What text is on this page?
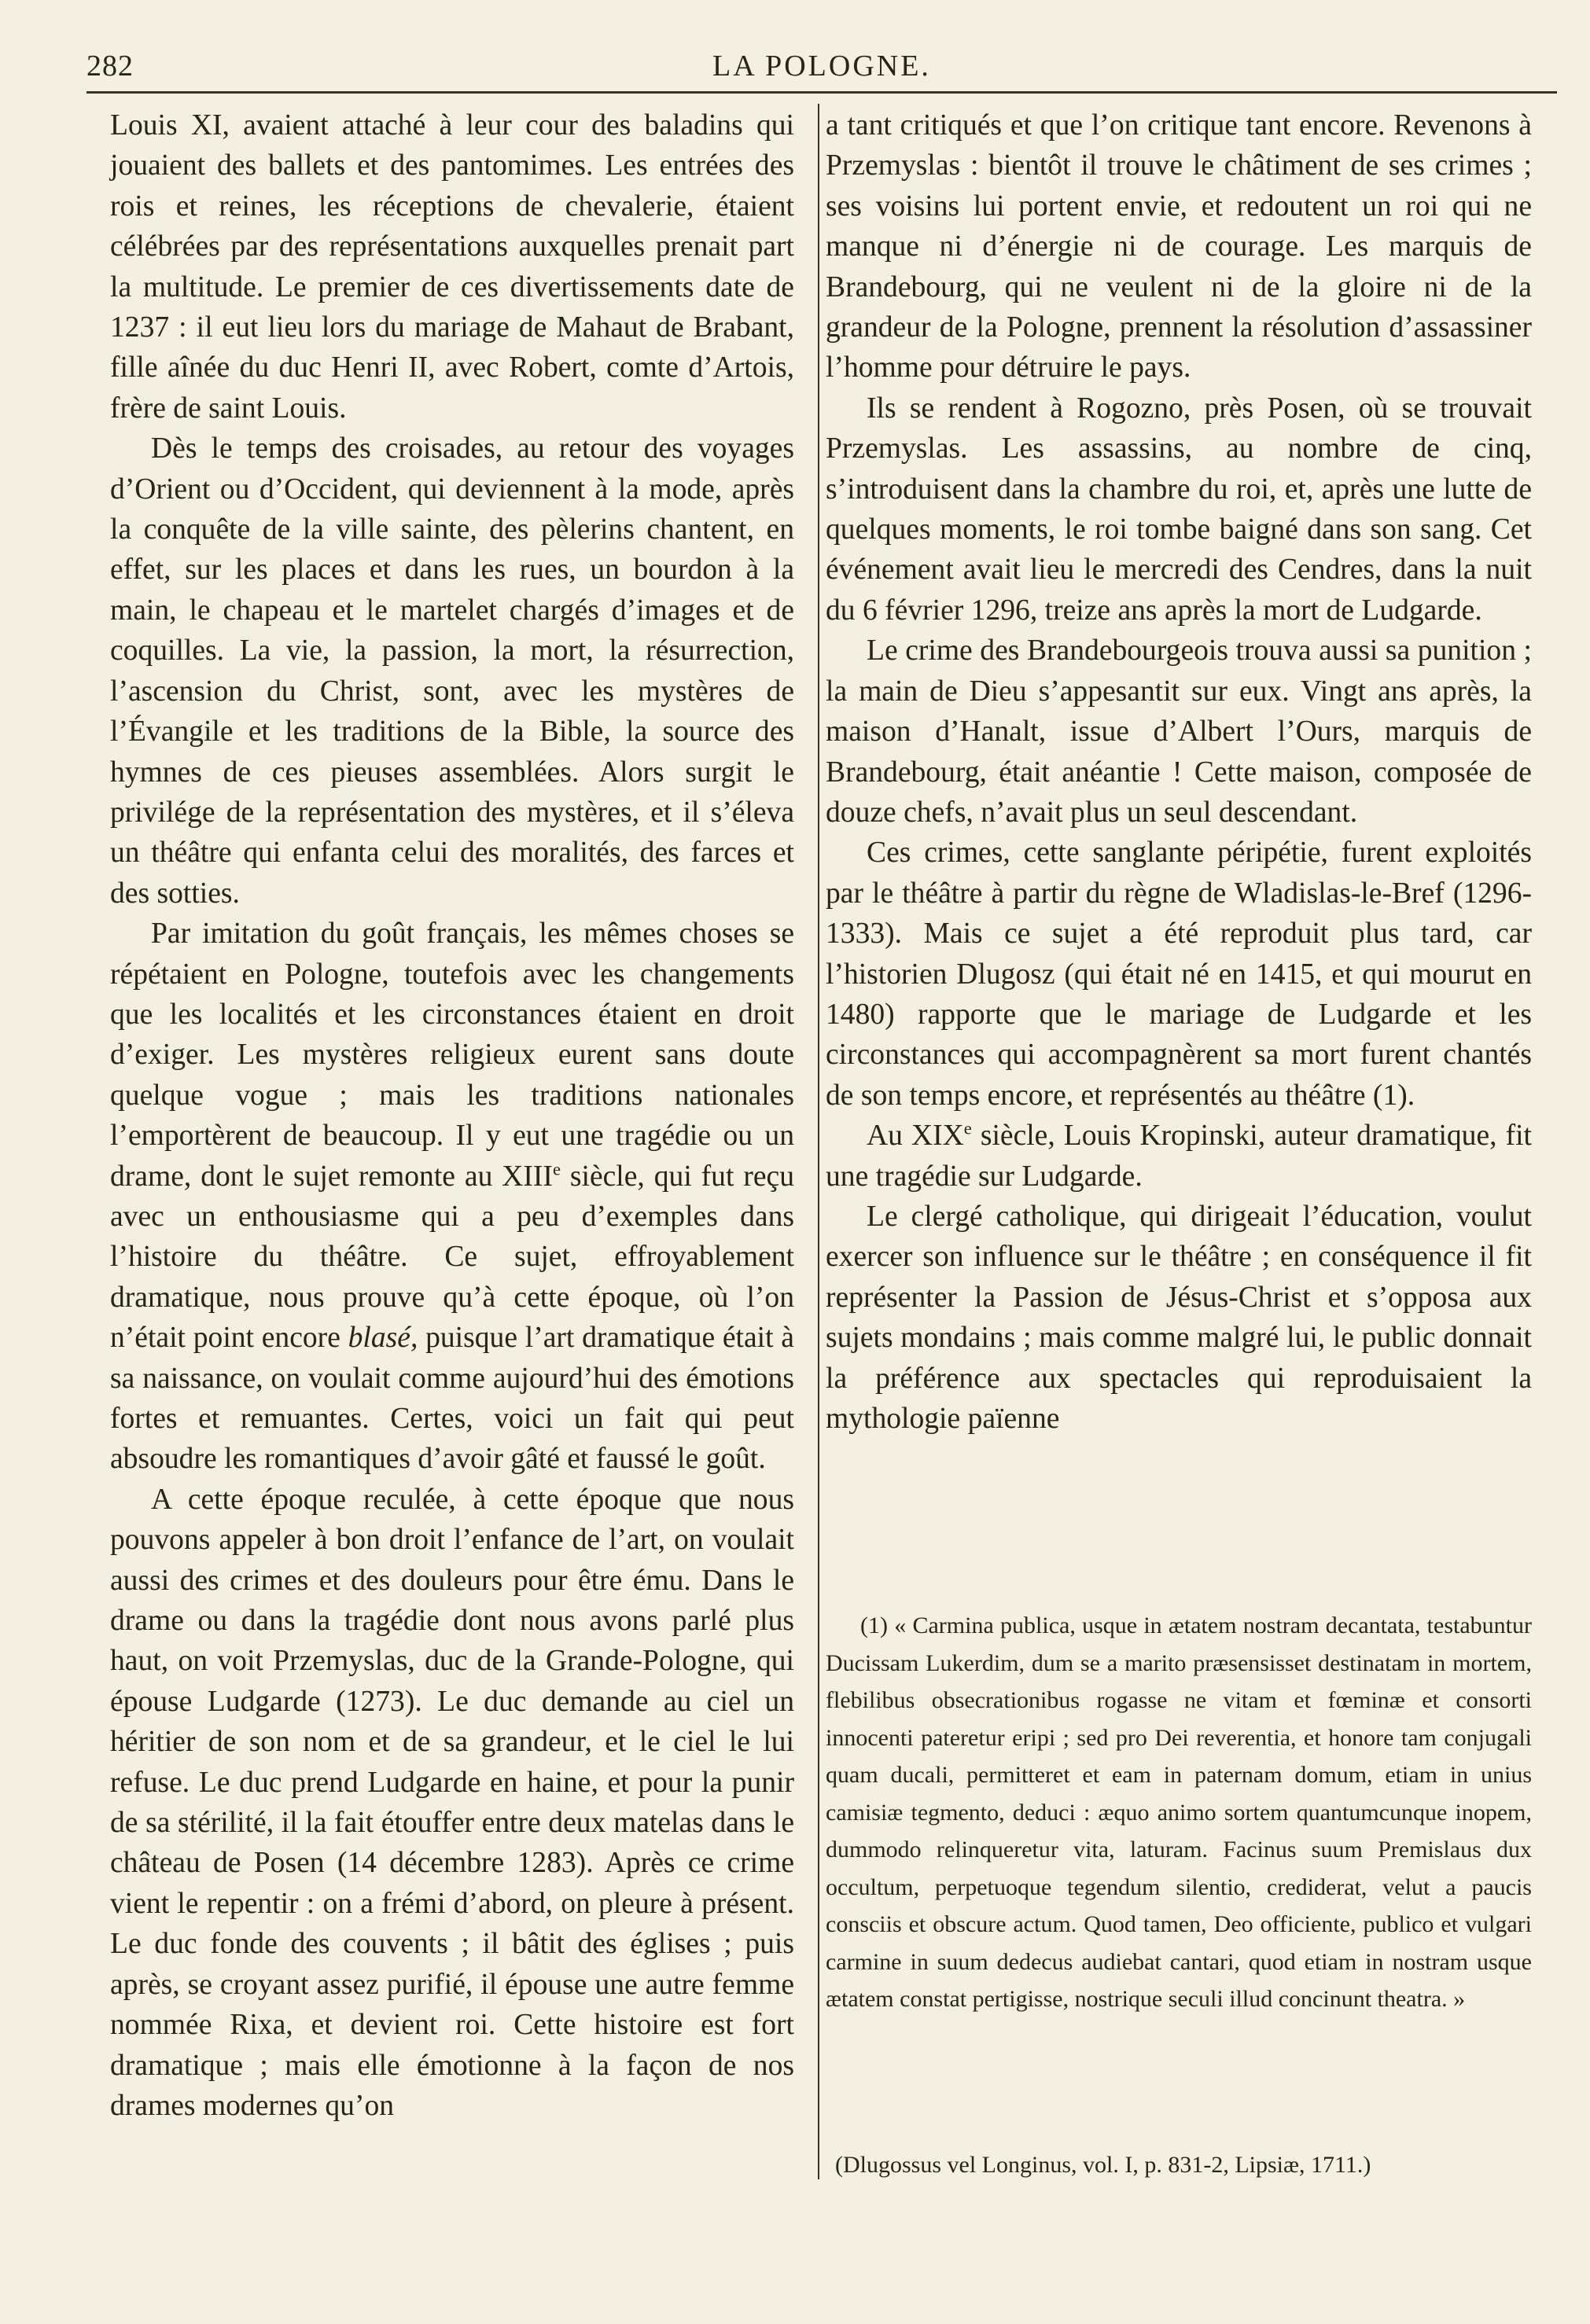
282	LA POLOGNE.

Louis XI, avaient attaché à leur cour des baladins qui jouaient des ballets et des pantomimes. Les entrées des rois et reines, les réceptions de chevalerie, étaient célébrées par des représentations auxquelles prenait part la multitude. Le premier de ces divertissements date de 1237 : il eut lieu lors du mariage de Mahaut de Brabant, fille aînée du duc Henri II, avec Robert, comte d’Artois, frère de saint Louis.

Dès le temps des croisades, au retour des voyages d’Orient ou d’Occident, qui deviennent à la mode, après la conquête de la ville sainte, des pèlerins chantent, en effet, sur les places et dans les rues, un bourdon à la main, le chapeau et le martelet chargés d’images et de coquilles. La vie, la passion, la mort, la résurrection, l’ascension du Christ, sont, avec les mystères de l’Évangile et les traditions de la Bible, la source des hymnes de ces pieuses assemblées. Alors surgit le privilége de la représentation des mystères, et il s’éleva un théâtre qui enfanta celui des moralités, des farces et des sotties.

Par imitation du goût français, les mêmes choses se répétaient en Pologne, toutefois avec les changements que les localités et les circonstances étaient en droit d’exiger. Les mystères religieux eurent sans doute quelque vogue ; mais les traditions nationales l’emportèrent de beaucoup. Il y eut une tragédie ou un drame, dont le sujet remonte au XIIIe siècle, qui fut reçu avec un enthousiasme qui a peu d’exemples dans l’histoire du théâtre. Ce sujet, effroyablement dramatique, nous prouve qu’à cette époque, où l’on n’était point encore blasé, puisque l’art dramatique était à sa naissance, on voulait comme aujourd’hui des émotions fortes et remuantes. Certes, voici un fait qui peut absoudre les romantiques d’avoir gâté et faussé le goût.

A cette époque reculée, à cette époque que nous pouvons appeler à bon droit l’enfance de l’art, on voulait aussi des crimes et des douleurs pour être ému. Dans le drame ou dans la tragédie dont nous avons parlé plus haut, on voit Przemyslas, duc de la Grande-Pologne, qui épouse Ludgarde (1273). Le duc demande au ciel un héritier de son nom et de sa grandeur, et le ciel le lui refuse. Le duc prend Ludgarde en haine, et pour la punir de sa stérilité, il la fait étouffer entre deux matelas dans le château de Posen (14 décembre 1283). Après ce crime vient le repentir : on a frémi d’abord, on pleure à présent. Le duc fonde des couvents ; il bâtit des églises ; puis après, se croyant assez purifié, il épouse une autre femme nommée Rixa, et devient roi. Cette histoire est fort dramatique ; mais elle émotionne à la façon de nos drames modernes qu’on

a tant critiqués et que l’on critique tant encore. Revenons à Przemyslas : bientôt il trouve le châtiment de ses crimes ; ses voisins lui portent envie, et redoutent un roi qui ne manque ni d’énergie ni de courage. Les marquis de Brandebourg, qui ne veulent ni de la gloire ni de la grandeur de la Pologne, prennent la résolution d’assassiner l’homme pour détruire le pays.

Ils se rendent à Rogozno, près Posen, où se trouvait Przemyslas. Les assassins, au nombre de cinq, s’introduisent dans la chambre du roi, et, après une lutte de quelques moments, le roi tombe baigné dans son sang. Cet événement avait lieu le mercredi des Cendres, dans la nuit du 6 février 1296, treize ans après la mort de Ludgarde.

Le crime des Brandebourgeois trouva aussi sa punition ; la main de Dieu s’appesantit sur eux. Vingt ans après, la maison d’Hanalt, issue d’Albert l’Ours, marquis de Brandebourg, était anéantie ! Cette maison, composée de douze chefs, n’avait plus un seul descendant.

Ces crimes, cette sanglante péripétie, furent exploités par le théâtre à partir du règne de Wladislas-le-Bref (1296-1333). Mais ce sujet a été reproduit plus tard, car l’historien Dlugosz (qui était né en 1415, et qui mourut en 1480) rapporte que le mariage de Ludgarde et les circonstances qui accompagnèrent sa mort furent chantés de son temps encore, et représentés au théâtre (1).

Au XIXe siècle, Louis Kropinski, auteur dramatique, fit une tragédie sur Ludgarde.

Le clergé catholique, qui dirigeait l’éducation, voulut exercer son influence sur le théâtre ; en conséquence il fit représenter la Passion de Jésus-Christ et s’opposa aux sujets mondains ; mais comme malgré lui, le public donnait la préférence aux spectacles qui reproduisaient la mythologie païenne

(1) « Carmina publica, usque in ætatem nostram decantata, testabuntur Ducissam Lukerdim, dum se a marito præsensisset destinatam in mortem, flebilibus obsecrationibus rogasse ne vitam et fœminæ et consorti innocenti pateretur eripi ; sed pro Dei reverentia, et honore tam conjugali quam ducali, permitteret et eam in paternam domum, etiam in unius camisiæ tegmento, deduci : æquo animo sortem quantumcunque inopem, dummodo relinqueretur vita, laturam. Facinus suum Premislaus dux occultum, perpetuoque tegendum silentio, crediderat, velut a paucis consciis et obscure actum. Quod tamen, Deo officiente, publico et vulgari carmine in suum dedecus audiebat cantari, quod etiam in nostram usque ætatem constat pertigisse, nostrique seculi illud concinunt theatra. »

(Dlugossus vel Longinus, vol. I, p. 831-2, Lipsiæ, 1711.)
